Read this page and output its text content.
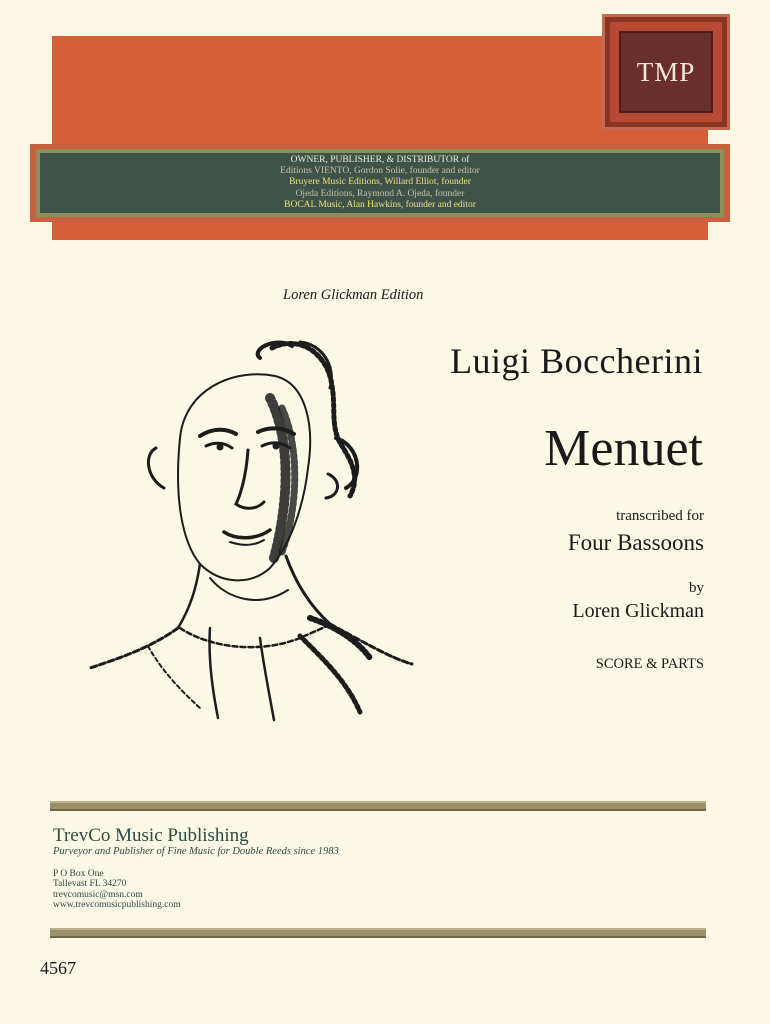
TMP
OWNER, PUBLISHER, & DISTRIBUTOR of
Editions VIENTO, Gordon Solie, founder and editor
Bruyere Music Editions, Willard Elliot, founder
Ojeda Editions, Raymond A. Ojeda, founder
BOCAL Music, Alan Hawkins, founder and editor
Loren Glickman Edition
Luigi Boccherini
Menuet
transcribed for
Four Bassoons
by
Loren Glickman
SCORE & PARTS
TrevCo Music Publishing
Purveyor and Publisher of Fine Music for Double Reeds since 1983
P O Box One
Tallevast FL 34270
trevcomusic@msn.com
www.trevcomusicpublishing.com
4567
